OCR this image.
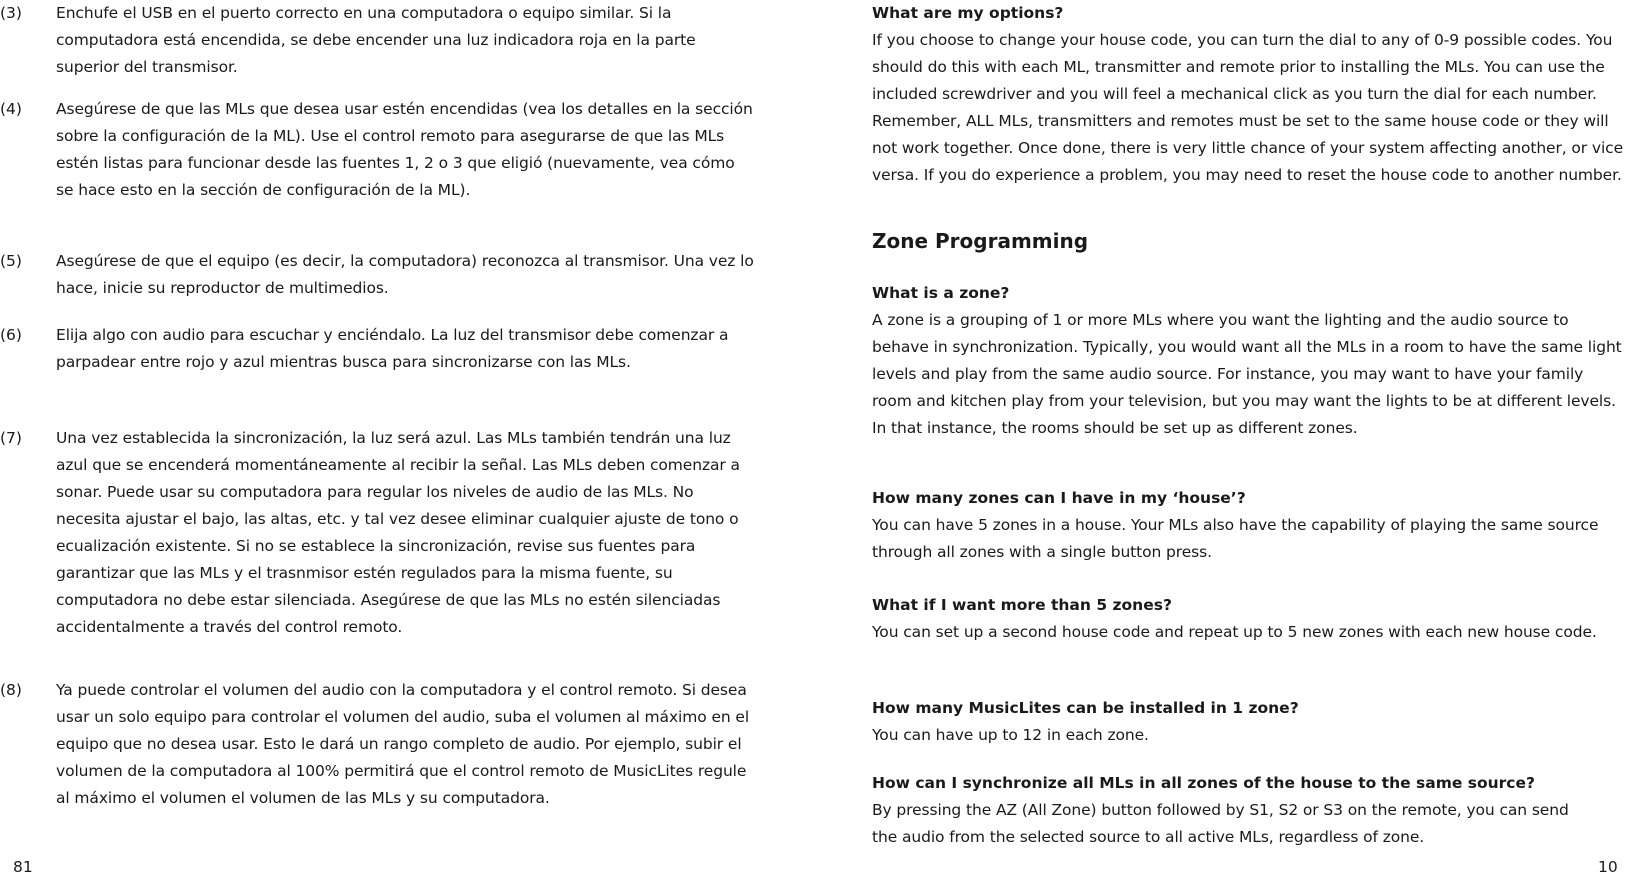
(3) Enchufe el USB en el puerto correcto en una computadora o equipo similar. Si la computadora está encendida, se debe encender una luz indicadora roja en la parte superior del transmisor.
(4) Asegúrese de que las MLs que desea usar estén encendidas (vea los detalles en la sección sobre la configuración de la ML). Use el control remoto para asegurarse de que las MLs estén listas para funcionar desde las fuentes 1, 2 o 3 que eligió (nuevamente, vea cómo se hace esto en la sección de configuración de la ML).
(5) Asegúrese de que el equipo (es decir, la computadora) reconozca al transmisor. Una vez lo hace, inicie su reproductor de multimedios.
(6) Elija algo con audio para escuchar y enciéndalo. La luz del transmisor debe comenzar a parpadear entre rojo y azul mientras busca para sincronizarse con las MLs.
(7) Una vez establecida la sincronización, la luz será azul. Las MLs también tendrán una luz azul que se encenderá momentáneamente al recibir la señal. Las MLs deben comenzar a sonar. Puede usar su computadora para regular los niveles de audio de las MLs. No necesita ajustar el bajo, las altas, etc. y tal vez desee eliminar cualquier ajuste de tono o ecualización existente. Si no se establece la sincronización, revise sus fuentes para garantizar que las MLs y el trasnmisor estén regulados para la misma fuente, su computadora no debe estar silenciada. Asegúrese de que las MLs no estén silenciadas accidentalmente a través del control remoto.
(8) Ya puede controlar el volumen del audio con la computadora y el control remoto. Si desea usar un solo equipo para controlar el volumen del audio, suba el volumen al máximo en el equipo que no desea usar. Esto le dará un rango completo de audio. Por ejemplo, subir el volumen de la computadora al 100% permitirá que el control remoto de MusicLites regule al máximo el volumen el volumen de las MLs y su computadora.
81
What are my options?
If you choose to change your house code, you can turn the dial to any of 0-9 possible codes. You should do this with each ML, transmitter and remote prior to installing the MLs. You can use the included screwdriver and you will feel a mechanical click as you turn the dial for each number. Remember, ALL MLs, transmitters and remotes must be set to the same house code or they will not work together. Once done, there is very little chance of your system affecting another, or vice versa. If you do experience a problem, you may need to reset the house code to another number.
Zone Programming
What is a zone?
A zone is a grouping of 1 or more MLs where you want the lighting and the audio source to behave in synchronization. Typically, you would want all the MLs in a room to have the same light levels and play from the same audio source. For instance, you may want to have your family room and kitchen play from your television, but you may want the lights to be at different levels. In that instance, the rooms should be set up as different zones.
How many zones can I have in my ‘house’?
You can have 5 zones in a house. Your MLs also have the capability of playing the same source through all zones with a single button press.
What if I want more than 5 zones?
You can set up a second house code and repeat up to 5 new zones with each new house code.
How many MusicLites can be installed in 1 zone?
You can have up to 12 in each zone.
How can I synchronize all MLs in all zones of the house to the same source?
By pressing the AZ (All Zone) button followed by S1, S2 or S3 on the remote, you can send the audio from the selected source to all active MLs, regardless of zone.
10
